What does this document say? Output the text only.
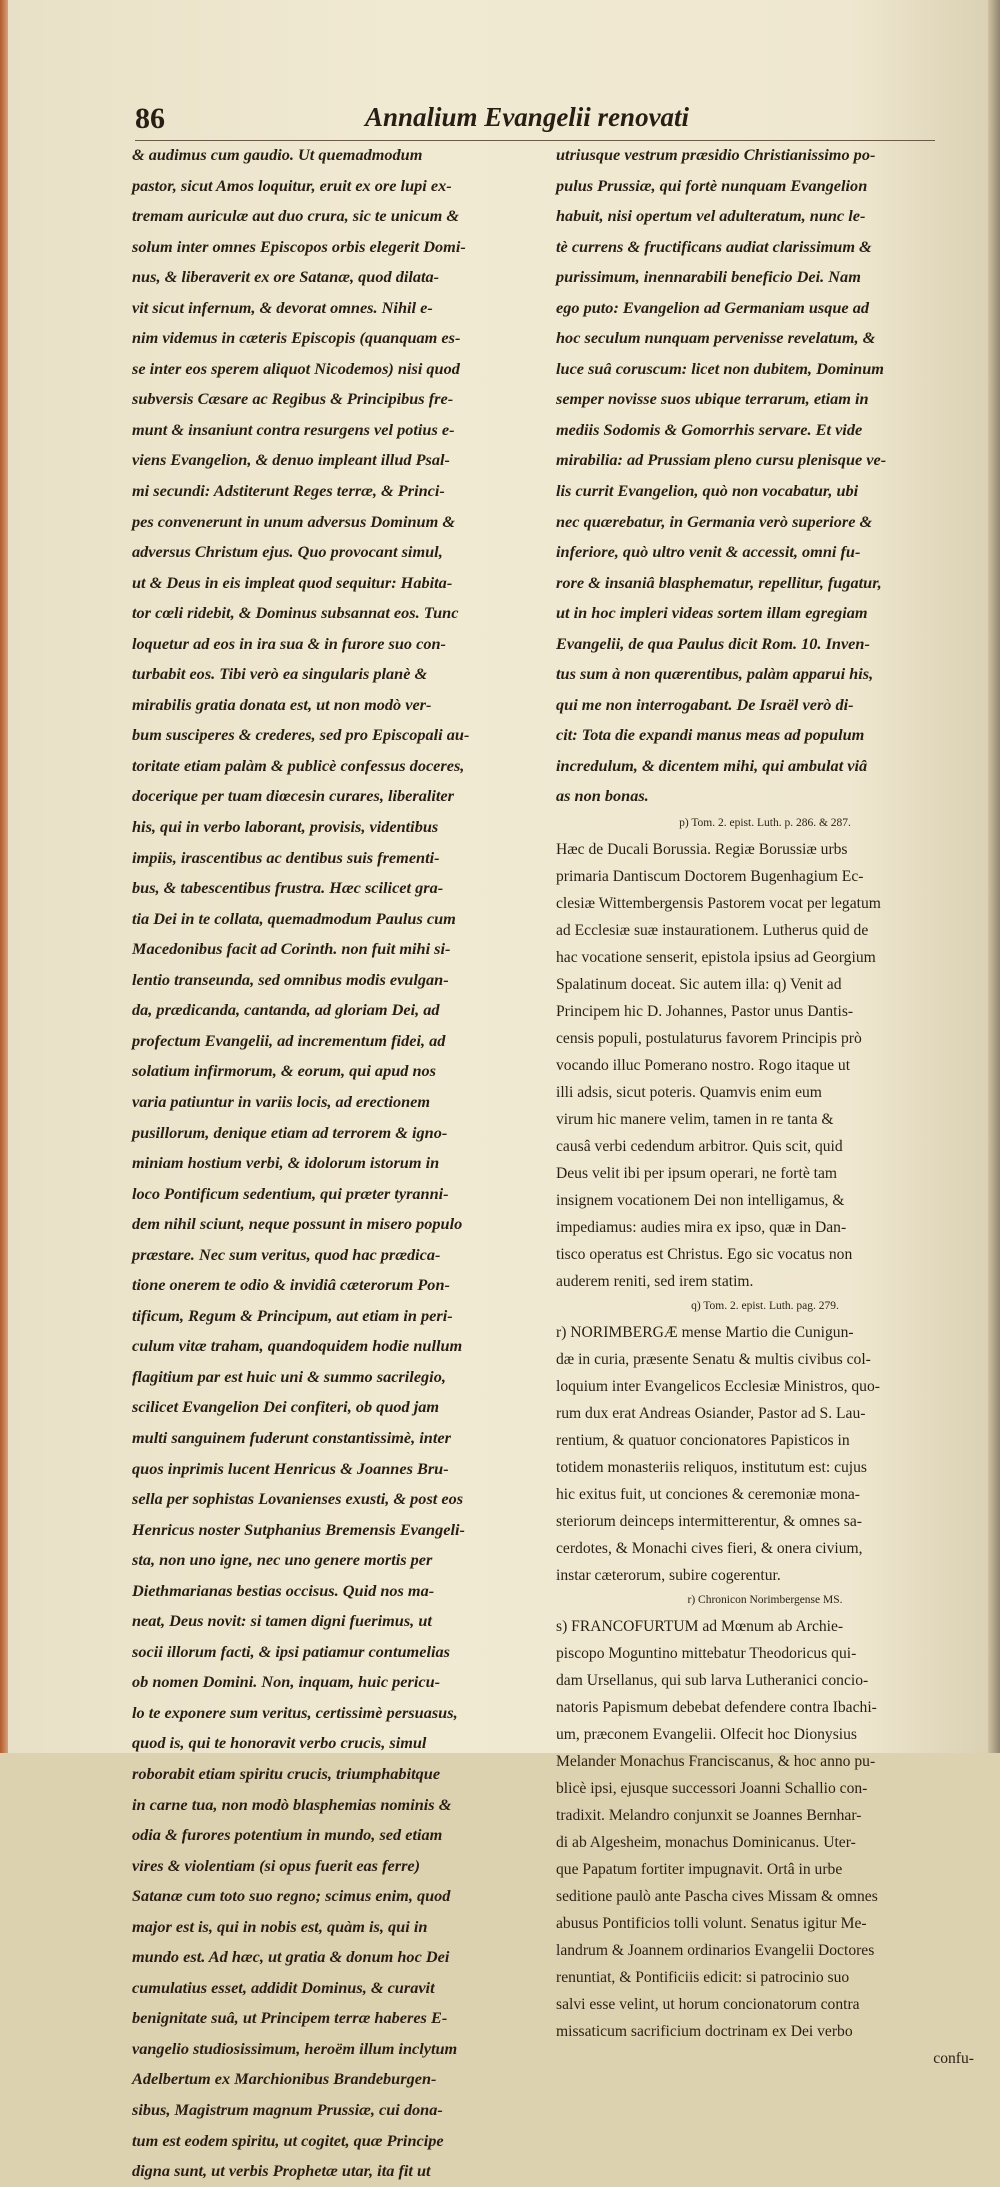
86	Annalium Evangelii renovati
& audimus cum gaudio. Ut quemadmodum
pastor, sicut Amos loquitur, eruit ex ore lupi ex-
tremam auriculæ aut duo crura, sic te unicum &
solum inter omnes Episcopos orbis elegerit Domi-
nus, & liberaverit ex ore Satanæ, quod dilata-
vit sicut infernum, & devorat omnes. Nihil e-
nim videmus in cæteris Episcopis (quanquam es-
se inter eos sperem aliquot Nicodemos) nisi quod
subversis Cæsare ac Regibus & Principibus fre-
munt & insaniunt contra resurgens vel potius e-
viens Evangelion, & denuo impleant illud Psal-
mi secundi: Adstiterunt Reges terræ, & Princi-
pes convenerunt in unum adversus Dominum &
adversus Christum ejus. Quo provocant simul,
ut & Deus in eis impleat quod sequitur: Habita-
tor cœli ridebit, & Dominus subsannat eos. Tunc
loquetur ad eos in ira sua & in furore suo con-
turbabit eos. Tibi verò ea singularis planè &
mirabilis gratia donata est, ut non modò ver-
bum susciperes & crederes, sed pro Episcopali au-
toritate etiam palàm & publicè confessus doceres,
docerique per tuam diœcesin curares, liberaliter
his, qui in verbo laborant, provisis, videntibus
impiis, irascentibus ac dentibus suis frementi-
bus, & tabescentibus frustra. Hæc scilicet gra-
tia Dei in te collata, quemadmodum Paulus cum
Macedonibus facit ad Corinth. non fuit mihi si-
lentio transeunda, sed omnibus modis evulgan-
da, prædicanda, cantanda, ad gloriam Dei, ad
profectum Evangelii, ad incrementum fidei, ad
solatium infirmorum, & eorum, qui apud nos
varia patiuntur in variis locis, ad erectionem
pusillorum, denique etiam ad terrorem & igno-
miniam hostium verbi, & idolorum istorum in
loco Pontificum sedentium, qui præter tyranni-
dem nihil sciunt, neque possunt in misero populo
præstare. Nec sum veritus, quod hac prædica-
tione onerem te odio & invidiâ cæterorum Pon-
tificum, Regum & Principum, aut etiam in peri-
culum vitæ traham, quandoquidem hodie nullum
flagitium par est huic uni & summo sacrilegio,
scilicet Evangelion Dei confiteri, ob quod jam
multi sanguinem fuderunt constantissimè, inter
quos inprimis lucent Henricus & Joannes Bru-
sella per sophistas Lovanienses exusti, & post eos
Henricus noster Sutphanius Bremensis Evangeli-
sta, non uno igne, nec uno genere mortis per
Diethmarianas bestias occisus. Quid nos ma-
neat, Deus novit: si tamen digni fuerimus, ut
socii illorum facti, & ipsi patiamur contumelias
ob nomen Domini. Non, inquam, huic pericu-
lo te exponere sum veritus, certissimè persuasus,
quod is, qui te honoravit verbo crucis, simul
roborabit etiam spiritu crucis, triumphabitque
in carne tua, non modò blasphemias nominis &
odia & furores potentium in mundo, sed etiam
vires & violentiam (si opus fuerit eas ferre)
Satanæ cum toto suo regno; scimus enim, quod
major est is, qui in nobis est, quàm is, qui in
mundo est. Ad hæc, ut gratia & donum hoc Dei
cumulatius esset, addidit Dominus, & curavit
benignitate suâ, ut Principem terræ haberes E-
vangelio studiosissimum, heroëm illum inclytum
Adelbertum ex Marchionibus Brandeburgen-
sibus, Magistrum magnum Prussiæ, cui dona-
tum est eodem spiritu, ut cogitet, quæ Principe
digna sunt, ut verbis Prophetæ utar, ita fit ut
utriusque vestrum præsidio Christianissimo po-
pulus Prussiæ, qui fortè nunquam Evangelion
habuit, nisi opertum vel adulteratum, nunc le-
tè currens & fructificans audiat clarissimum &
purissimum, inennarabili beneficio Dei. Nam
ego puto: Evangelion ad Germaniam usque ad
hoc seculum nunquam pervenisse revelatum, &
luce suâ coruscum: licet non dubitem, Dominum
semper novisse suos ubique terrarum, etiam in
mediis Sodomis & Gomorrhis servare. Et vide
mirabilia: ad Prussiam pleno cursu plenisque ve-
lis currit Evangelion, quò non vocabatur, ubi
nec quærebatur, in Germania verò superiore &
inferiore, quò ultro venit & accessit, omni fu-
rore & insaniâ blasphematur, repellitur, fugatur,
ut in hoc impleri videas sortem illam egregiam
Evangelii, de qua Paulus dicit Rom. 10. Inven-
tus sum à non quærentibus, palàm apparui his,
qui me non interrogabant. De Israël verò di-
cit: Tota die expandi manus meas ad populum
incredulum, & dicentem mihi, qui ambulat viâ
as non bonas.
p) Tom. 2. epist. Luth. p. 286. & 287.
Hæc de Ducali Borussia. Regiæ Borussiæ urbs
primaria Dantiscum Doctorem Bugenhagium Ec-
clesiæ Wittembergensis Pastorem vocat per legatum
ad Ecclesiæ suæ instaurationem. Lutherus quid de
hac vocatione senserit, epistola ipsius ad Georgium
Spalatinum doceat. Sic autem illa: q) Venit ad
Principem hic D. Johannes, Pastor unus Dantis-
censis populi, postulaturus favorem Principis prò
vocando illuc Pomerano nostro. Rogo itaque ut
illi adsis, sicut poteris. Quamvis enim eum
virum hic manere velim, tamen in re tanta &
causâ verbi cedendum arbitror. Quis scit, quid
Deus velit ibi per ipsum operari, ne fortè tam
insignem vocationem Dei non intelligamus, &
impediamus: audies mira ex ipso, quæ in Dan-
tisco operatus est Christus. Ego sic vocatus non
auderem reniti, sed irem statim.
q) Tom. 2. epist. Luth. pag. 279.
r) NORIMBERGÆ mense Martio die Cunigun-
dæ in curia, præsente Senatu & multis civibus col-
loquium inter Evangelicos Ecclesiæ Ministros, quo-
rum dux erat Andreas Osiander, Pastor ad S. Lau-
rentium, & quatuor concionatores Papisticos in
totidem monasteriis reliquos, institutum est: cujus
hic exitus fuit, ut conciones & ceremoniæ mona-
steriorum deinceps intermitterentur, & omnes sa-
cerdotes, & Monachi cives fieri, & onera civium,
instar cæterorum, subire cogerentur.
r) Chronicon Norimbergense MS.
s) FRANCOFURTUM ad Mœnum ab Archie-
piscopo Moguntino mittebatur Theodoricus qui-
dam Ursellanus, qui sub larva Lutheranici concio-
natoris Papismum debebat defendere contra Ibachi-
um, præconem Evangelii. Olfecit hoc Dionysius
Melander Monachus Franciscanus, & hoc anno pu-
blicè ipsi, ejusque successori Joanni Schallio con-
tradixit. Melandro conjunxit se Joannes Bernhar-
di ab Algesheim, monachus Dominicanus. Uter-
que Papatum fortiter impugnavit. Ortâ in urbe
seditione paulò ante Pascha cives Missam & omnes
abusus Pontificios tolli volunt. Senatus igitur Me-
landrum & Joannem ordinarios Evangelii Doctores
renuntiat, & Pontificiis edicit: si patrocinio suo
salvi esse velint, ut horum concionatorum contra
missaticum sacrificium doctrinam ex Dei verbo
confu-
